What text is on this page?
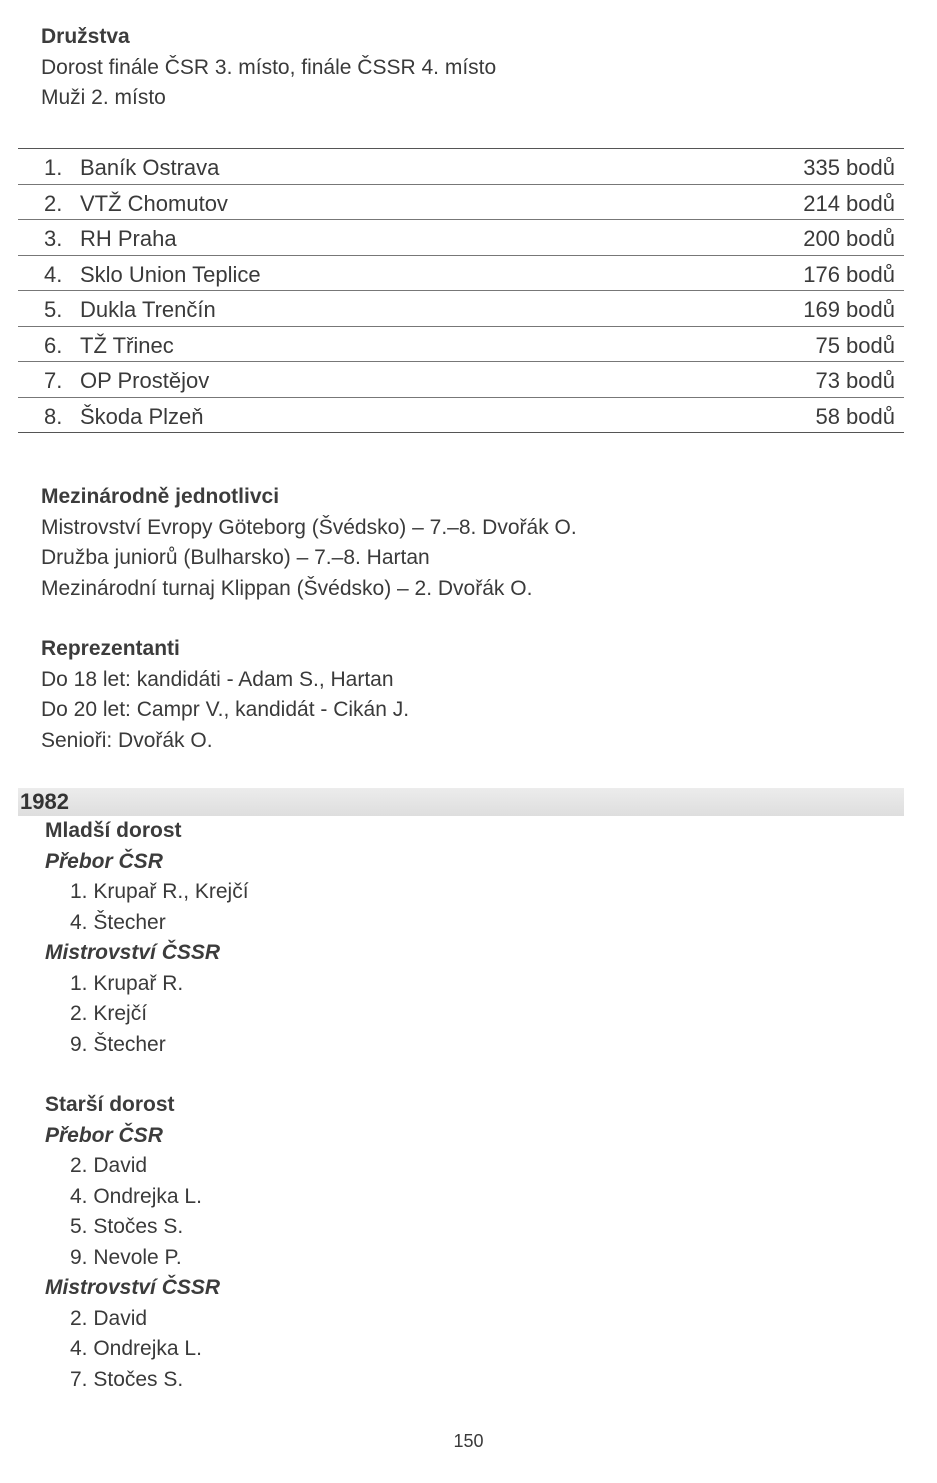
Družstva
Dorost finále ČSR 3. místo, finále ČSSR 4. místo
Muži 2. místo
1. Baník Ostrava	335 bodů
2. VTŽ Chomutov	214 bodů
3. RH Praha	200 bodů
4. Sklo Union Teplice	176 bodů
5. Dukla Trenčín	169 bodů
6. TŽ Třinec	75 bodů
7. OP Prostějov	73 bodů
8. Škoda Plzeň	58 bodů
Mezinárodně jednotlivci
Mistrovství Evropy Göteborg (Švédsko) – 7.–8. Dvořák O.
Družba juniorů (Bulharsko) – 7.–8. Hartan
Mezinárodní turnaj Klippan (Švédsko) – 2. Dvořák O.
Reprezentanti
Do 18 let: kandidáti - Adam S., Hartan
Do 20 let: Campr V., kandidát - Cikán J.
Senioři: Dvořák O.
1982
Mladší dorost
Přebor ČSR
1. Krupař R., Krejčí
4. Štecher
Mistrovství ČSSR
1. Krupař R.
2. Krejčí
9. Štecher
Starší dorost
Přebor ČSR
2. David
4. Ondrejka L.
5. Stočes S.
9. Nevole P.
Mistrovství ČSSR
2. David
4. Ondrejka L.
7. Stočes S.
150
